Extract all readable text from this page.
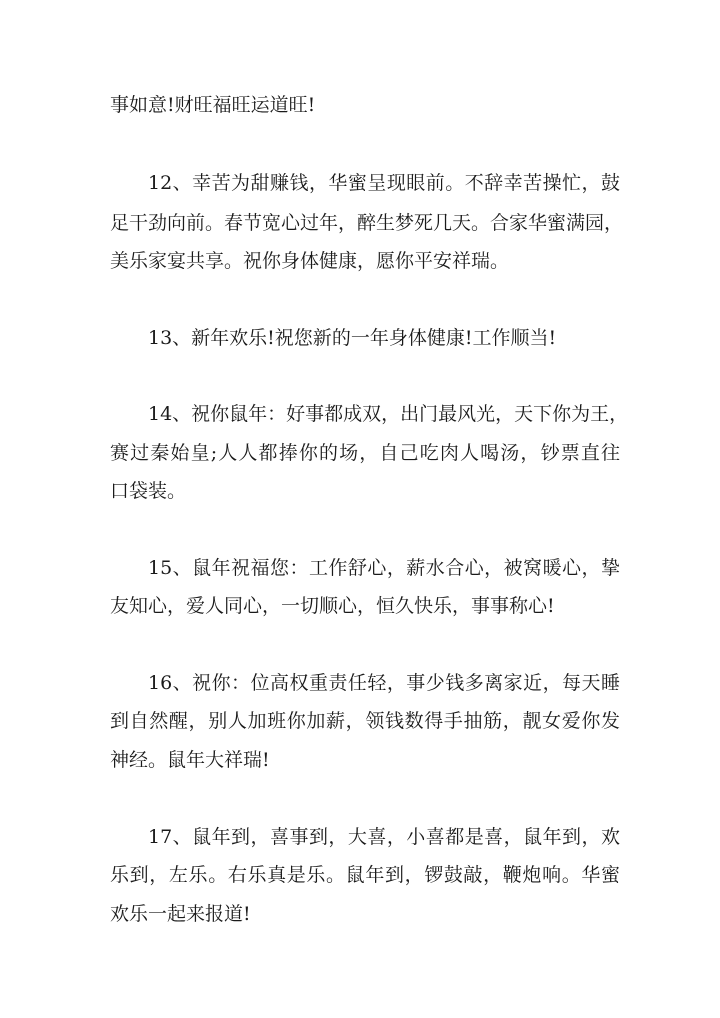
事如意!财旺福旺运道旺!
12、幸苦为甜赚钱，华蜜呈现眼前。不辞幸苦操忙，鼓
足干劲向前。春节宽心过年，醉生梦死几天。合家华蜜满园，
美乐家宴共享。祝你身体健康，愿你平安祥瑞。
13、新年欢乐!祝您新的一年身体健康!工作顺当!
14、祝你鼠年：好事都成双，出门最风光，天下你为王，
赛过秦始皇;人人都捧你的场，自己吃肉人喝汤，钞票直往
口袋装。
15、鼠年祝福您：工作舒心，薪水合心，被窝暖心，挚
友知心，爱人同心，一切顺心，恒久快乐，事事称心!
16、祝你：位高权重责任轻，事少钱多离家近，每天睡
到自然醒，别人加班你加薪，领钱数得手抽筋，靓女爱你发
神经。鼠年大祥瑞!
17、鼠年到，喜事到，大喜，小喜都是喜，鼠年到，欢
乐到，左乐。右乐真是乐。鼠年到，锣鼓敲，鞭炮响。华蜜
欢乐一起来报道!
